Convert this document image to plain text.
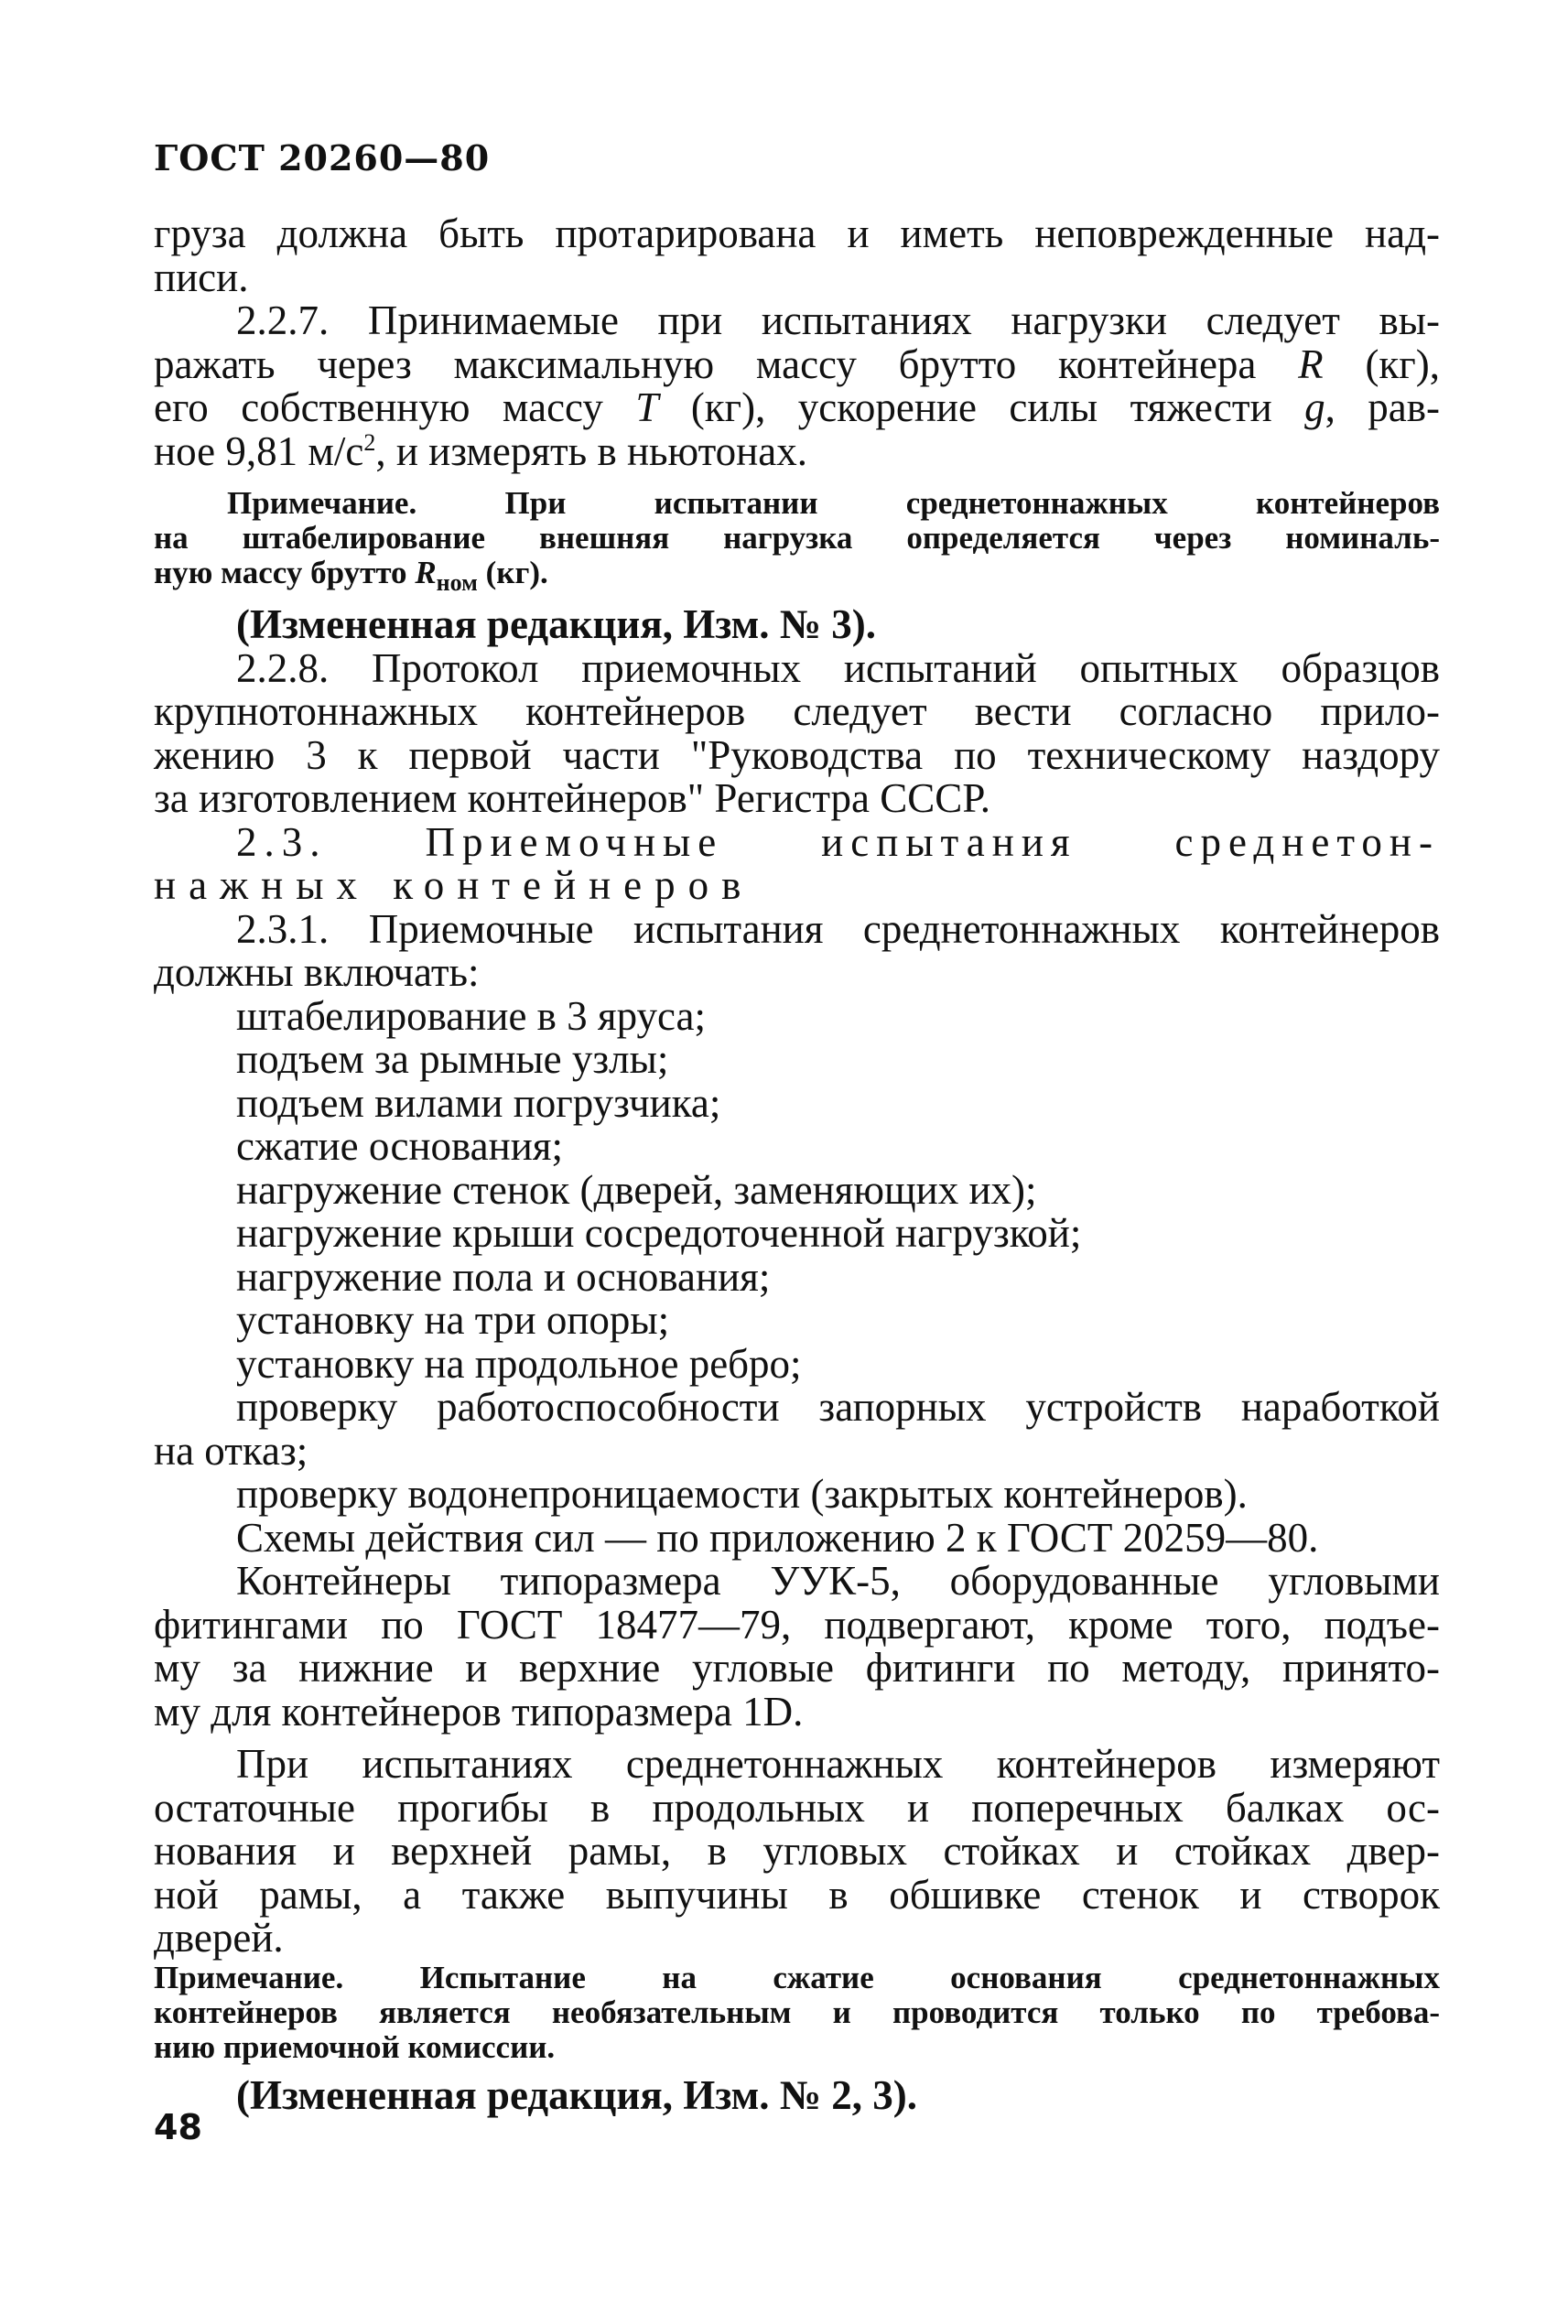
ГОСТ 20260—80
груза должна быть протарирована и иметь неповрежденные над-
писи.
2.2.7. Принимаемые при испытаниях нагрузки следует вы-
ражать через максимальную массу брутто контейнера R (кг),
его собственную массу T (кг), ускорение силы тяжести g, рав-
ное 9,81 $м/с^2$, и измерять в ньютонах.
Примечание. При испытании среднетоннажных контейнеров
на штабелирование внешняя нагрузка определяется через номиналь-
ную массу брутто $R_{ном}$ (кг).
(Измененная редакция, Изм. № 3).
2.2.8. Протокол приемочных испытаний опытных образцов
крупнотоннажных контейнеров следует вести согласно прило-
жению 3 к первой части "Руководства по техническому наздору
за изготовлением контейнеров" Регистра СССР.
2.3. Приемочные испытания среднетон-
нажных контейнеров
2.3.1. Приемочные испытания среднетоннажных контейнеров
должны включать:
штабелирование в 3 яруса;
подъем за рымные узлы;
подъем вилами погрузчика;
сжатие основания;
нагружение стенок (дверей, заменяющих их);
нагружение крыши сосредоточенной нагрузкой;
нагружение пола и основания;
установку на три опоры;
установку на продольное ребро;
проверку работоспособности запорных устройств наработкой
на отказ;
проверку водонепроницаемости (закрытых контейнеров).
Схемы действия сил — по приложению 2 к ГОСТ 20259—80.
Контейнеры типоразмера УУК-5, оборудованные угловыми
фитингами по ГОСТ 18477—79, подвергают, кроме того, подъе-
му за нижние и верхние угловые фитинги по методу, принято-
му для контейнеров типоразмера 1D.
При испытаниях среднетоннажных контейнеров измеряют
остаточные прогибы в продольных и поперечных балках ос-
нования и верхней рамы, в угловых стойках и стойках двер-
ной рамы, а также выпучины в обшивке стенок и створок
дверей.
Примечание. Испытание на сжатие основания среднетоннажных
контейнеров является необязательным и проводится только по требова-
нию приемочной комиссии.
(Измененная редакция, Изм. № 2, 3).
48
